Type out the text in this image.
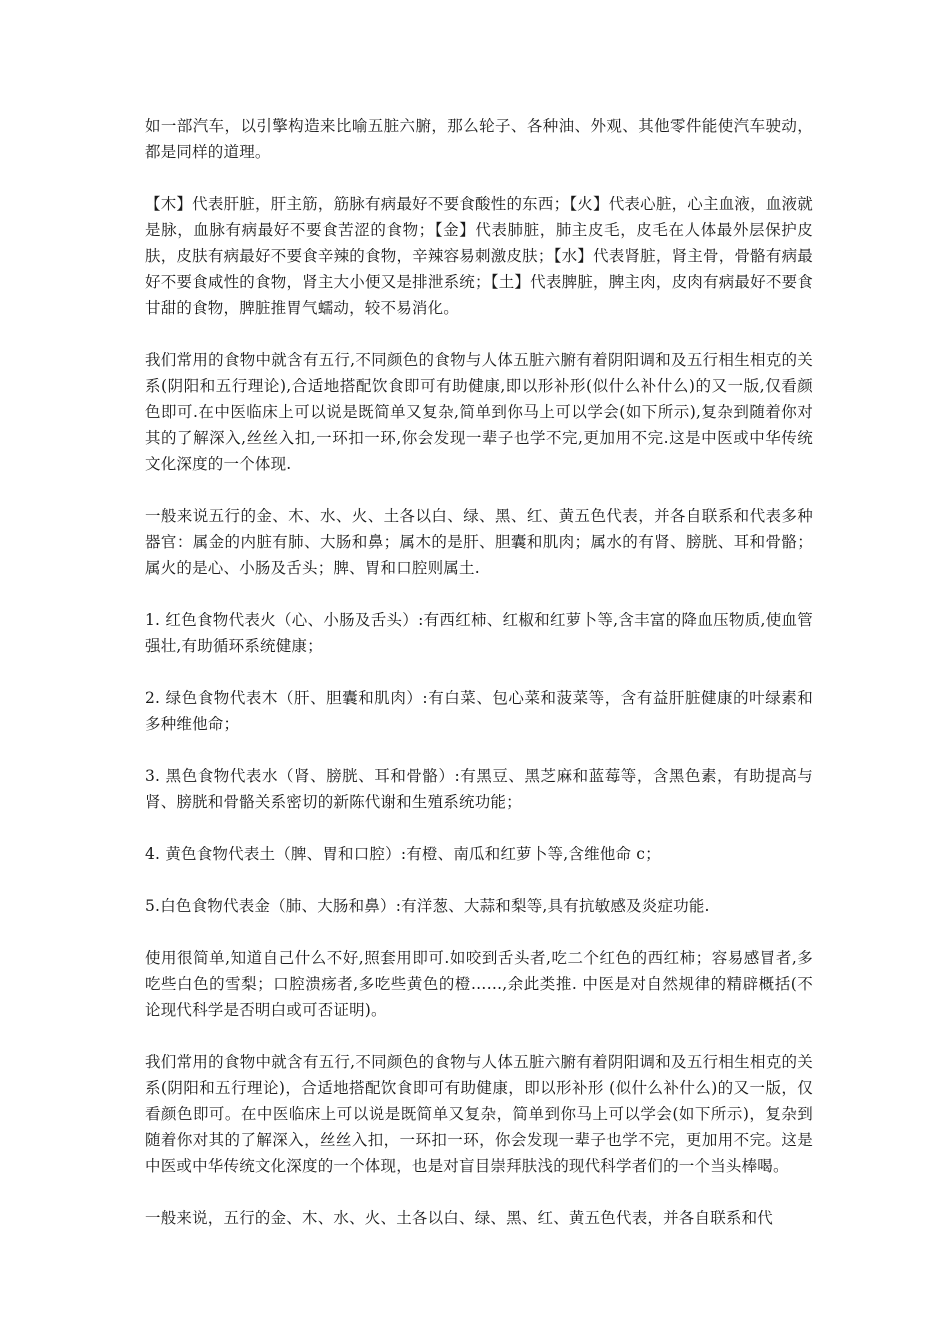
如一部汽车，以引擎构造来比喻五脏六腑，那么轮子、各种油、外观、其他零件能使汽车驶动，都是同样的道理。

【木】代表肝脏，肝主筋，筋脉有病最好不要食酸性的东西；【火】代表心脏，心主血液，血液就是脉，血脉有病最好不要食苦涩的食物；【金】代表肺脏，肺主皮毛，皮毛在人体最外层保护皮肤，皮肤有病最好不要食辛辣的食物，辛辣容易刺激皮肤；【水】代表肾脏，肾主骨，骨骼有病最好不要食咸性的食物，肾主大小便又是排泄系统；【土】代表脾脏，脾主肉，皮肉有病最好不要食甘甜的食物，脾脏推胃气蠕动，较不易消化。

我们常用的食物中就含有五行,不同颜色的食物与人体五脏六腑有着阴阳调和及五行相生相克的关系(阴阳和五行理论),合适地搭配饮食即可有助健康,即以形补形(似什么补什么)的又一版,仅看颜色即可.在中医临床上可以说是既简单又复杂,简单到你马上可以学会(如下所示),复杂到随着你对其的了解深入,丝丝入扣,一环扣一环,你会发现一辈子也学不完,更加用不完.这是中医或中华传统文化深度的一个体现.

一般来说五行的金、木、水、火、土各以白、绿、黑、红、黄五色代表，并各自联系和代表多种器官：属金的内脏有肺、大肠和鼻；属木的是肝、胆囊和肌肉；属水的有肾、膀胱、耳和骨骼；属火的是心、小肠及舌头；脾、胃和口腔则属土.

1. 红色食物代表火（心、小肠及舌头）:有西红柿、红椒和红萝卜等,含丰富的降血压物质,使血管强壮,有助循环系统健康；

2. 绿色食物代表木（肝、胆囊和肌肉）:有白菜、包心菜和菠菜等，含有益肝脏健康的叶绿素和多种维他命；

3. 黑色食物代表水（肾、膀胱、耳和骨骼）:有黑豆、黑芝麻和蓝莓等，含黑色素，有助提高与肾、膀胱和骨骼关系密切的新陈代谢和生殖系统功能；

4. 黄色食物代表土（脾、胃和口腔）:有橙、南瓜和红萝卜等,含维他命 c；

5.白色食物代表金（肺、大肠和鼻）:有洋葱、大蒜和梨等,具有抗敏感及炎症功能.

使用很简单,知道自己什么不好,照套用即可.如咬到舌头者,吃二个红色的西红柿；容易感冒者,多吃些白色的雪梨；口腔溃疡者,多吃些黄色的橙……,余此类推. 中医是对自然规律的精辟概括(不论现代科学是否明白或可否证明)。

我们常用的食物中就含有五行,不同颜色的食物与人体五脏六腑有着阴阳调和及五行相生相克的关系(阴阳和五行理论)，合适地搭配饮食即可有助健康，即以形补形 (似什么补什么)的又一版，仅看颜色即可。在中医临床上可以说是既简单又复杂，简单到你马上可以学会(如下所示)，复杂到随着你对其的了解深入，丝丝入扣，一环扣一环，你会发现一辈子也学不完，更加用不完。这是中医或中华传统文化深度的一个体现，也是对盲目崇拜肤浅的现代科学者们的一个当头棒喝。

一般来说，五行的金、木、水、火、土各以白、绿、黑、红、黄五色代表，并各自联系和代
